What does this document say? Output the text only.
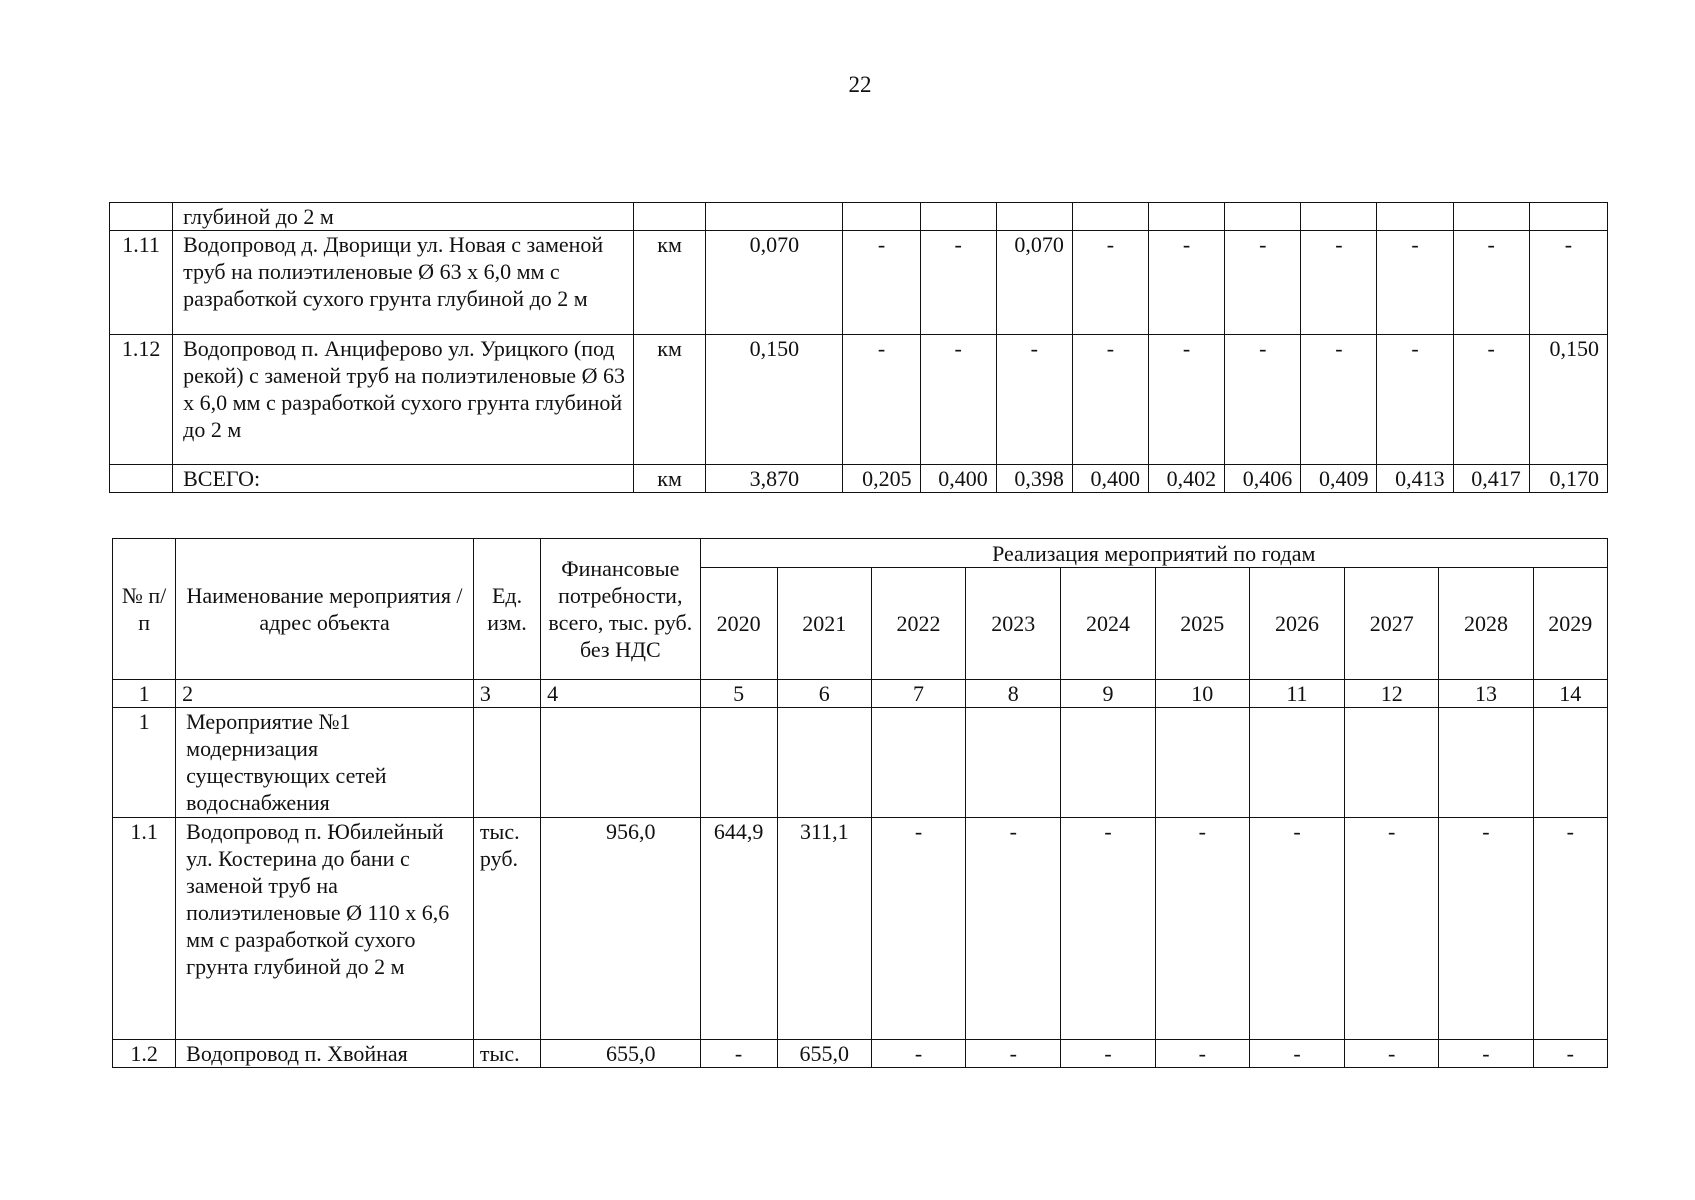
22
	глубиной до 2 м												
1.11	Водопровод д. Дворищи ул. Новая с заменой труб на полиэтиленовые Ø 63 х 6,0 мм с разработкой сухого грунта глубиной до 2 м	км	0,070	-	-	0,070	-	-	-	-	-	-	-
1.12	Водопровод п. Анциферово ул. Урицкого (под рекой) с заменой труб на полиэтиленовые Ø 63 х 6,0 мм с разработкой сухого грунта глубиной до 2 м	км	0,150	-	-	-	-	-	-	-	-	-	0,150
	ВСЕГО:	км	3,870	0,205	0,400	0,398	0,400	0,402	0,406	0,409	0,413	0,417	0,170
№ п/п	Наименование мероприятия / адрес объекта	Ед. изм.	Финансовые потребности, всего, тыс. руб. без НДС	Реализация мероприятий по годам									
				2020	2021	2022	2023	2024	2025	2026	2027	2028	2029
1	2	3	4	5	6	7	8	9	10	11	12	13	14
1	Мероприятие №1 модернизация существующих сетей водоснабжения												
1.1	Водопровод п. Юбилейный ул. Костерина до бани с заменой труб на полиэтиленовые Ø 110 х 6,6 мм с разработкой сухого грунта глубиной до 2 м	тыс. руб.	956,0	644,9	311,1	-	-	-	-	-	-	-	-
1.2	Водопровод п. Хвойная	тыс.	655,0	-	655,0	-	-	-	-	-	-	-	-
